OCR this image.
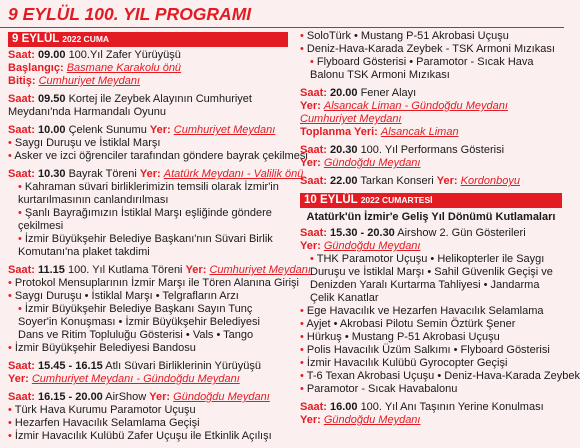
9 EYLÜL 100. YIL PROGRAMI
9 EYLÜL 2022 CUMA
Saat: 09.00 100.Yıl Zafer Yürüyüşü
Başlangıç: Basmane Karakolu önü
Bitiş: Cumhuriyet Meydanı
Saat: 09.50 Kortej ile Zeybek Alayının Cumhuriyet Meydanı'nda Harmandalı Oyunu
Saat: 10.00 Çelenk Sunumu Yer: Cumhuriyet Meydanı
• Saygı Duruşu ve İstiklal Marşı
• Asker ve izci öğrenciler tarafından göndere bayrak çekilmesi
Saat: 10.30 Bayrak Töreni Yer: Atatürk Meydanı - Valilik önü
• Kahraman süvari birliklerimizin temsili olarak İzmir'in kurtarılmasının canlandırılması
• Şanlı Bayrağımızın İstiklal Marşı eşliğinde göndere çekilmesi
• İzmir Büyükşehir Belediye Başkanı'nın Süvari Birlik Komutanı'na plaket takdimi
Saat: 11.15 100. Yıl Kutlama Töreni Yer: Cumhuriyet Meydanı
• Protokol Mensuplarının İzmir Marşı ile Tören Alanına Girişi
• Saygı Duruşu • İstiklal Marşı • Telgrafların Arzı
• İzmir Büyükşehir Belediye Başkanı Sayın Tunç Soyer'in Konuşması • İzmir Büyükşehir Belediyesi Dans ve Ritim Topluluğu Gösterisi • Vals • Tango
• İzmir Büyükşehir Belediyesi Bandosu
Saat: 15.45 - 16.15 Atlı Süvari Birliklerinin Yürüyüşü
Yer: Cumhuriyet Meydanı - Gündoğdu Meydanı
Saat: 16.15 - 20.00 AirShow Yer: Gündoğdu Meydanı
• Türk Hava Kurumu Paramotor Uçuşu
• Hezarfen Havacılık Selamlama Geçişi
• İzmir Havacılık Kulübü Zafer Uçuşu ile Etkinlik Açılışı
• SoloTürk • Mustang P-51 Akrobasi Uçuşu
• Deniz-Hava-Karada Zeybek - TSK Armoni Mızıkası
• Flyboard Gösterisi • Paramotor - Sıcak Hava Balonu TSK Armoni Mızıkası
Saat: 20.00 Fener Alayı
Yer: Alsancak Liman - Gündoğdu Meydanı Cumhuriyet Meydanı
Toplanma Yeri: Alsancak Liman
Saat: 20.30 100. Yıl Performans Gösterisi
Yer: Gündoğdu Meydanı
Saat: 22.00 Tarkan Konseri Yer: Kordonboyu
10 EYLÜL 2022 CUMARTESİ
Atatürk'ün İzmir'e Geliş Yıl Dönümü Kutlamaları
Saat: 15.30 - 20.30 Airshow 2. Gün Gösterileri
Yer: Gündoğdu Meydanı
• THK Paramotor Uçuşu • Helikopterler ile Saygı Duruşu ve İstiklal Marşı • Sahil Güvenlik Geçişi ve Denizden Yaralı Kurtarma Tahliyesi • Jandarma Çelik Kanatlar
• Ege Havacılık ve Hezarfen Havacılık Selamlama
• Ayjet • Akrobasi Pilotu Semin Öztürk Şener
• Hürkuş • Mustang P-51 Akrobasi Uçuşu
• Polis Havacılık Üzüm Salkımı • Flyboard Gösterisi
• İzmir Havacılık Kulübü Gyrocopter Geçişi
• T-6 Texan Akrobasi Uçuşu • Deniz-Hava-Karada Zeybek
• Paramotor - Sıcak Havabalonu
Saat: 16.00 100. Yıl Anı Taşının Yerine Konulması
Yer: Gündoğdu Meydanı
